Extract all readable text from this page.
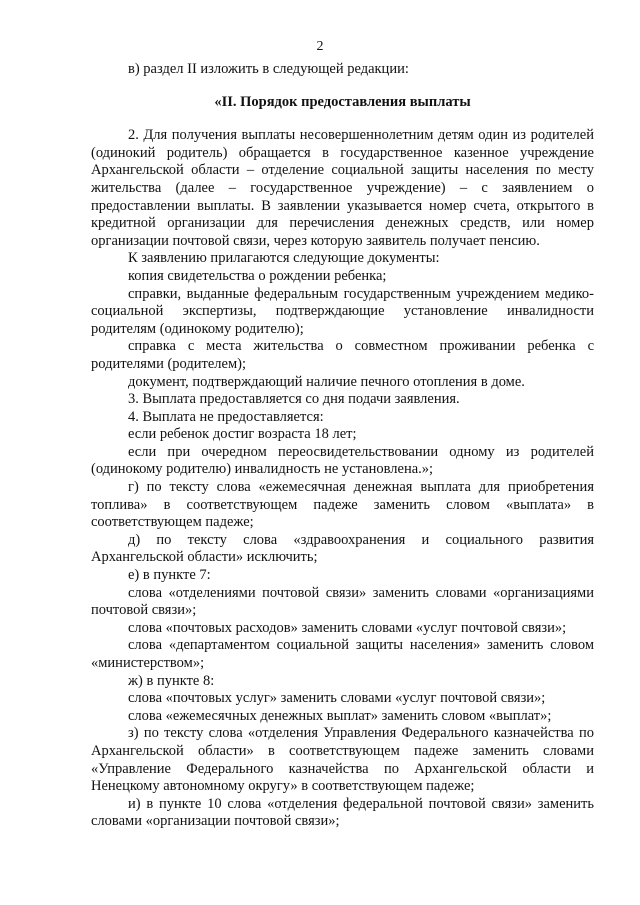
2

в) раздел II изложить в следующей редакции:

«II. Порядок предоставления выплаты

2. Для получения выплаты несовершеннолетним детям один из родителей (одинокий родитель) обращается в государственное казенное учреждение Архангельской области – отделение социальной защиты населения по месту жительства (далее – государственное учреждение) – с заявлением о предоставлении выплаты. В заявлении указывается номер счета, открытого в кредитной организации для перечисления денежных средств, или номер организации почтовой связи, через которую заявитель получает пенсию.

К заявлению прилагаются следующие документы:

копия свидетельства о рождении ребенка;

справки, выданные федеральным государственным учреждением медико-социальной экспертизы, подтверждающие установление инвалидности родителям (одинокому родителю);

справка с места жительства о совместном проживании ребенка с родителями (родителем);

документ, подтверждающий наличие печного отопления в доме.

3. Выплата предоставляется со дня подачи заявления.

4. Выплата не предоставляется:

если ребенок достиг возраста 18 лет;

если при очередном переосвидетельствовании одному из родителей (одинокому родителю) инвалидность не установлена.»;

г) по тексту слова «ежемесячная денежная выплата для приобретения топлива» в соответствующем падеже заменить словом «выплата» в соответствующем падеже;

д) по тексту слова «здравоохранения и социального развития Архангельской области» исключить;

е) в пункте 7:

слова «отделениями почтовой связи» заменить словами «организациями почтовой связи»;

слова «почтовых расходов» заменить словами «услуг почтовой связи»;

слова «департаментом социальной защиты населения» заменить словом «министерством»;

ж) в пункте 8:

слова «почтовых услуг» заменить словами «услуг почтовой связи»;

слова «ежемесячных денежных выплат» заменить словом «выплат»;

з) по тексту слова «отделения Управления Федерального казначейства по Архангельской области» в соответствующем падеже заменить словами «Управление Федерального казначейства по Архангельской области и Ненецкому автономному округу» в соответствующем падеже;

и) в пункте 10 слова «отделения федеральной почтовой связи» заменить словами «организации почтовой связи»;
